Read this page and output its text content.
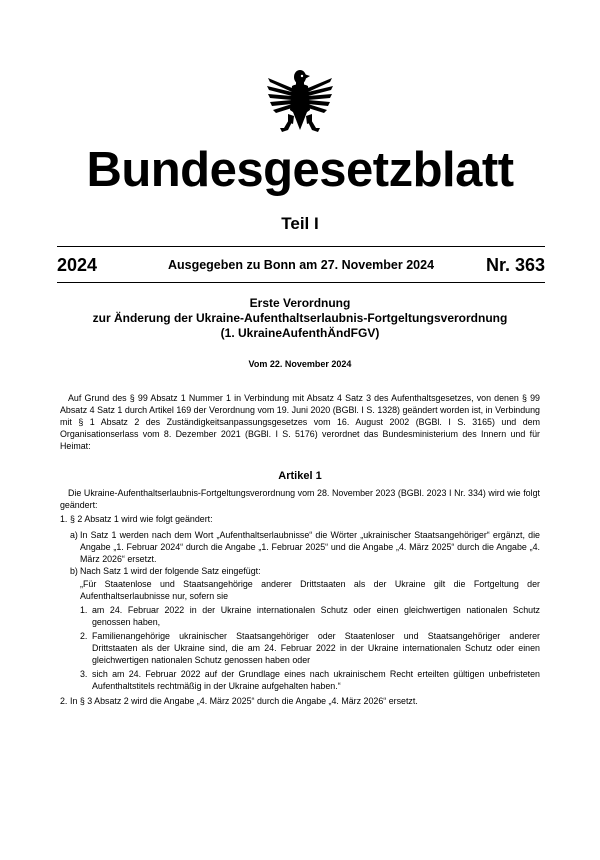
Bundesgesetzblatt
Teil I
2024	Ausgegeben zu Bonn am 27. November 2024	Nr. 363
Erste Verordnung
zur Änderung der Ukraine-Aufenthaltserlaubnis-Fortgeltungsverordnung
(1. UkraineAufenthÄndFGV)
Vom 22. November 2024
Auf Grund des § 99 Absatz 1 Nummer 1 in Verbindung mit Absatz 4 Satz 3 des Aufenthaltsgesetzes, von denen § 99 Absatz 4 Satz 1 durch Artikel 169 der Verordnung vom 19. Juni 2020 (BGBl. I S. 1328) geändert worden ist, in Verbindung mit § 1 Absatz 2 des Zuständigkeitsanpassungsgesetzes vom 16. August 2002 (BGBl. I S. 3165) und dem Organisationserlass vom 8. Dezember 2021 (BGBl. I S. 5176) verordnet das Bundesministerium des Innern und für Heimat:
Artikel 1
Die Ukraine-Aufenthaltserlaubnis-Fortgeltungsverordnung vom 28. November 2023 (BGBl. 2023 I Nr. 334) wird wie folgt geändert:
1. § 2 Absatz 1 wird wie folgt geändert:
a) In Satz 1 werden nach dem Wort „Aufenthaltserlaubnisse“ die Wörter „ukrainischer Staatsangehöriger“ ergänzt, die Angabe „1. Februar 2024“ durch die Angabe „1. Februar 2025“ und die Angabe „4. März 2025“ durch die Angabe „4. März 2026“ ersetzt.
b) Nach Satz 1 wird der folgende Satz eingefügt:
„Für Staatenlose und Staatsangehörige anderer Drittstaaten als der Ukraine gilt die Fortgeltung der Aufenthaltserlaubnisse nur, sofern sie
1. am 24. Februar 2022 in der Ukraine internationalen Schutz oder einen gleichwertigen nationalen Schutz genossen haben,
2. Familienangehörige ukrainischer Staatsangehöriger oder Staatenloser und Staatsangehöriger anderer Drittstaaten als der Ukraine sind, die am 24. Februar 2022 in der Ukraine internationalen Schutz oder einen gleichwertigen nationalen Schutz genossen haben oder
3. sich am 24. Februar 2022 auf der Grundlage eines nach ukrainischem Recht erteilten gültigen unbefristeten Aufenthaltstitels rechtmäßig in der Ukraine aufgehalten haben.“
2. In § 3 Absatz 2 wird die Angabe „4. März 2025“ durch die Angabe „4. März 2026“ ersetzt.
